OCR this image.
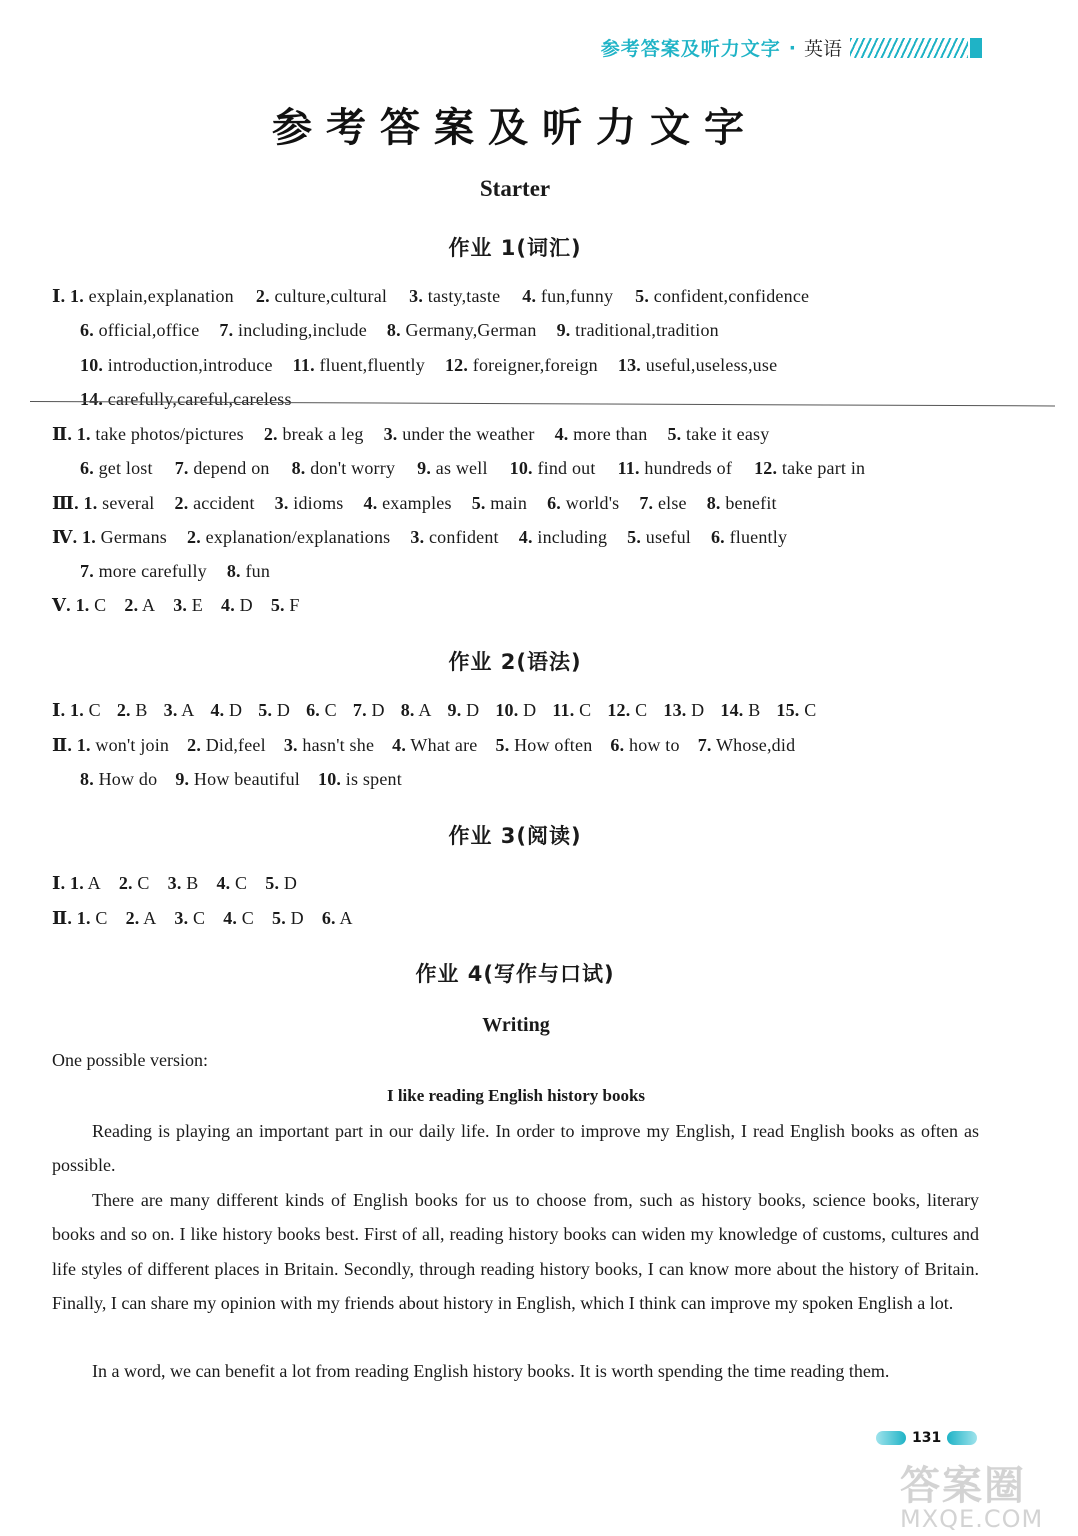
参考答案及听力文字 · 英语
参考答案及听力文字
Starter
作业 1(词汇)
Ⅰ. 1. explain,explanation 2. culture,cultural 3. tasty,taste 4. fun,funny 5. confident,confidence
6. official,office 7. including,include 8. Germany,German 9. traditional,tradition
10. introduction,introduce 11. fluent,fluently 12. foreigner,foreign 13. useful,useless,use
14. carefully,careful,careless
Ⅱ. 1. take photos/pictures 2. break a leg 3. under the weather 4. more than 5. take it easy
6. get lost 7. depend on 8. don't worry 9. as well 10. find out 11. hundreds of 12. take part in
Ⅲ. 1. several 2. accident 3. idioms 4. examples 5. main 6. world's 7. else 8. benefit
Ⅳ. 1. Germans 2. explanation/explanations 3. confident 4. including 5. useful 6. fluently
7. more carefully 8. fun
Ⅴ. 1. C 2. A 3. E 4. D 5. F
作业 2(语法)
Ⅰ. 1. C 2. B 3. A 4. D 5. D 6. C 7. D 8. A 9. D 10. D 11. C 12. C 13. D 14. B 15. C
Ⅱ. 1. won't join 2. Did,feel 3. hasn't she 4. What are 5. How often 6. how to 7. Whose,did
8. How do 9. How beautiful 10. is spent
作业 3(阅读)
Ⅰ. 1. A 2. C 3. B 4. C 5. D
Ⅱ. 1. C 2. A 3. C 4. C 5. D 6. A
作业 4(写作与口试)
Writing
One possible version:
I like reading English history books
Reading is playing an important part in our daily life. In order to improve my English, I read English books as often as possible.
There are many different kinds of English books for us to choose from, such as history books, science books, literary books and so on. I like history books best. First of all, reading history books can widen my knowledge of customs, cultures and life styles of different places in Britain. Secondly, through reading history books, I can know more about the history of Britain. Finally, I can share my opinion with my friends about history in English, which I think can improve my spoken English a lot.
In a word, we can benefit a lot from reading English history books. It is worth spending the time reading them.
131
答案圈
MXQE.COM
